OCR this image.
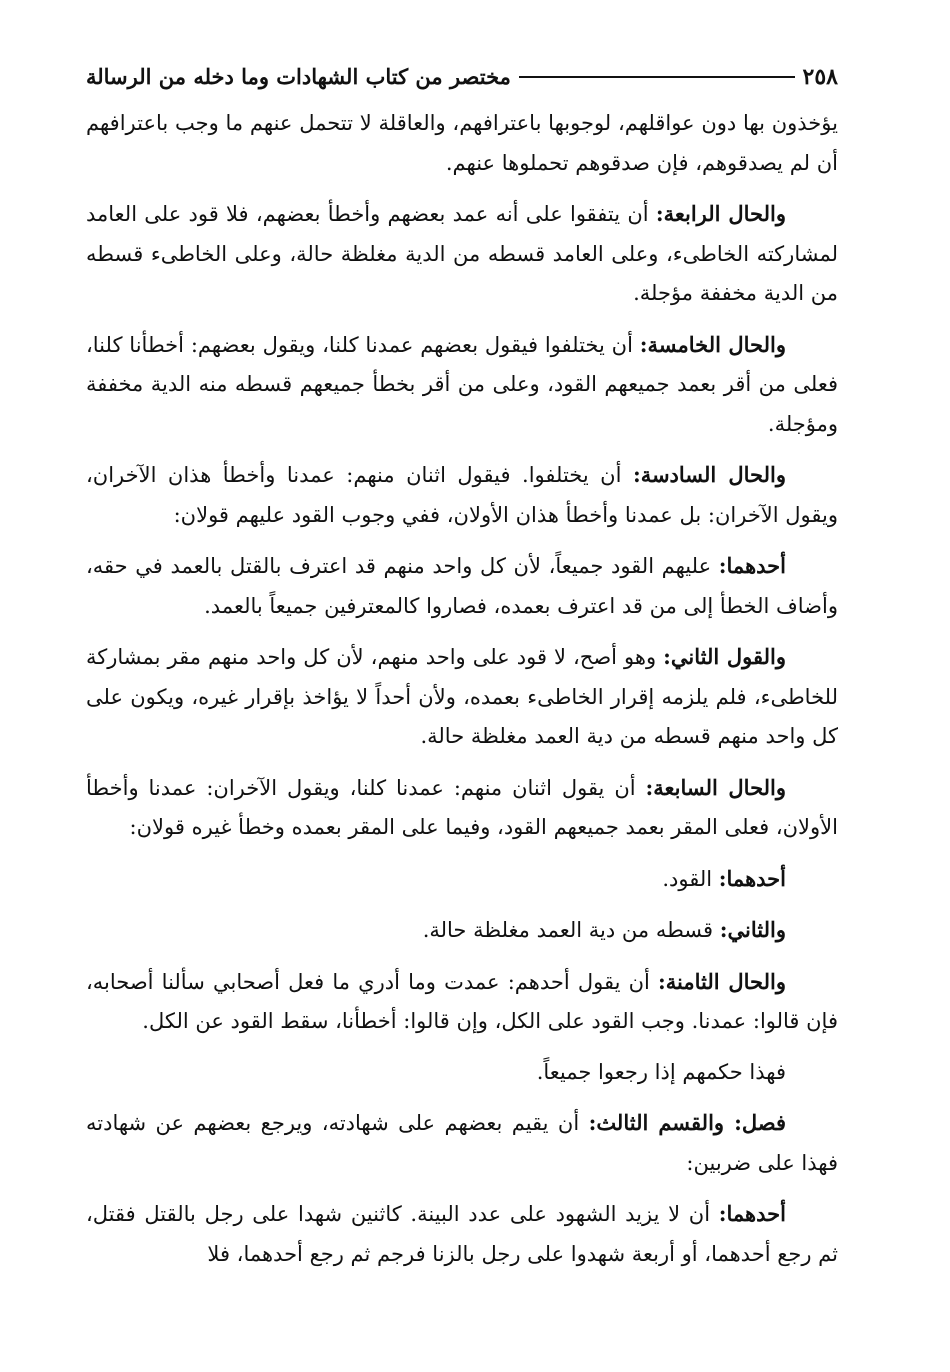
٢٥٨
مختصر من كتاب الشهادات وما دخله من الرسالة

يؤخذون بها دون عواقلهم، لوجوبها باعترافهم، والعاقلة لا تتحمل عنهم ما وجب باعترافهم أن لم يصدقوهم، فإن صدقوهم تحملوها عنهم.

والحال الرابعة: أن يتفقوا على أنه عمد بعضهم وأخطأ بعضهم، فلا قود على العامد لمشاركته الخاطىء، وعلى العامد قسطه من الدية مغلظة حالة، وعلى الخاطىء قسطه من الدية مخففة مؤجلة.

والحال الخامسة: أن يختلفوا فيقول بعضهم عمدنا كلنا، ويقول بعضهم: أخطأنا كلنا، فعلى من أقر بعمد جميعهم القود، وعلى من أقر بخطأ جميعهم قسطه منه الدية مخففة ومؤجلة.

والحال السادسة: أن يختلفوا. فيقول اثنان منهم: عمدنا وأخطأ هذان الآخران، ويقول الآخران: بل عمدنا وأخطأ هذان الأولان، ففي وجوب القود عليهم قولان:

أحدهما: عليهم القود جميعاً، لأن كل واحد منهم قد اعترف بالقتل بالعمد في حقه، وأضاف الخطأ إلى من قد اعترف بعمده، فصاروا كالمعترفين جميعاً بالعمد.

والقول الثاني: وهو أصح، لا قود على واحد منهم، لأن كل واحد منهم مقر بمشاركة للخاطىء، فلم يلزمه إقرار الخاطىء بعمده، ولأن أحداً لا يؤاخذ بإقرار غيره، ويكون على كل واحد منهم قسطه من دية العمد مغلظة حالة.

والحال السابعة: أن يقول اثنان منهم: عمدنا كلنا، ويقول الآخران: عمدنا وأخطأ الأولان، فعلى المقر بعمد جميعهم القود، وفيما على المقر بعمده وخطأ غيره قولان:

أحدهما: القود.

والثاني: قسطه من دية العمد مغلظة حالة.

والحال الثامنة: أن يقول أحدهم: عمدت وما أدري ما فعل أصحابي سألنا أصحابه، فإن قالوا: عمدنا. وجب القود على الكل، وإن قالوا: أخطأنا، سقط القود عن الكل.

فهذا حكمهم إذا رجعوا جميعاً.

فصل: والقسم الثالث: أن يقيم بعضهم على شهادته، ويرجع بعضهم عن شهادته فهذا على ضربين:

أحدهما: أن لا يزيد الشهود على عدد البينة. كاثنين شهدا على رجل بالقتل فقتل، ثم رجع أحدهما، أو أربعة شهدوا على رجل بالزنا فرجم ثم رجع أحدهما، فلا
